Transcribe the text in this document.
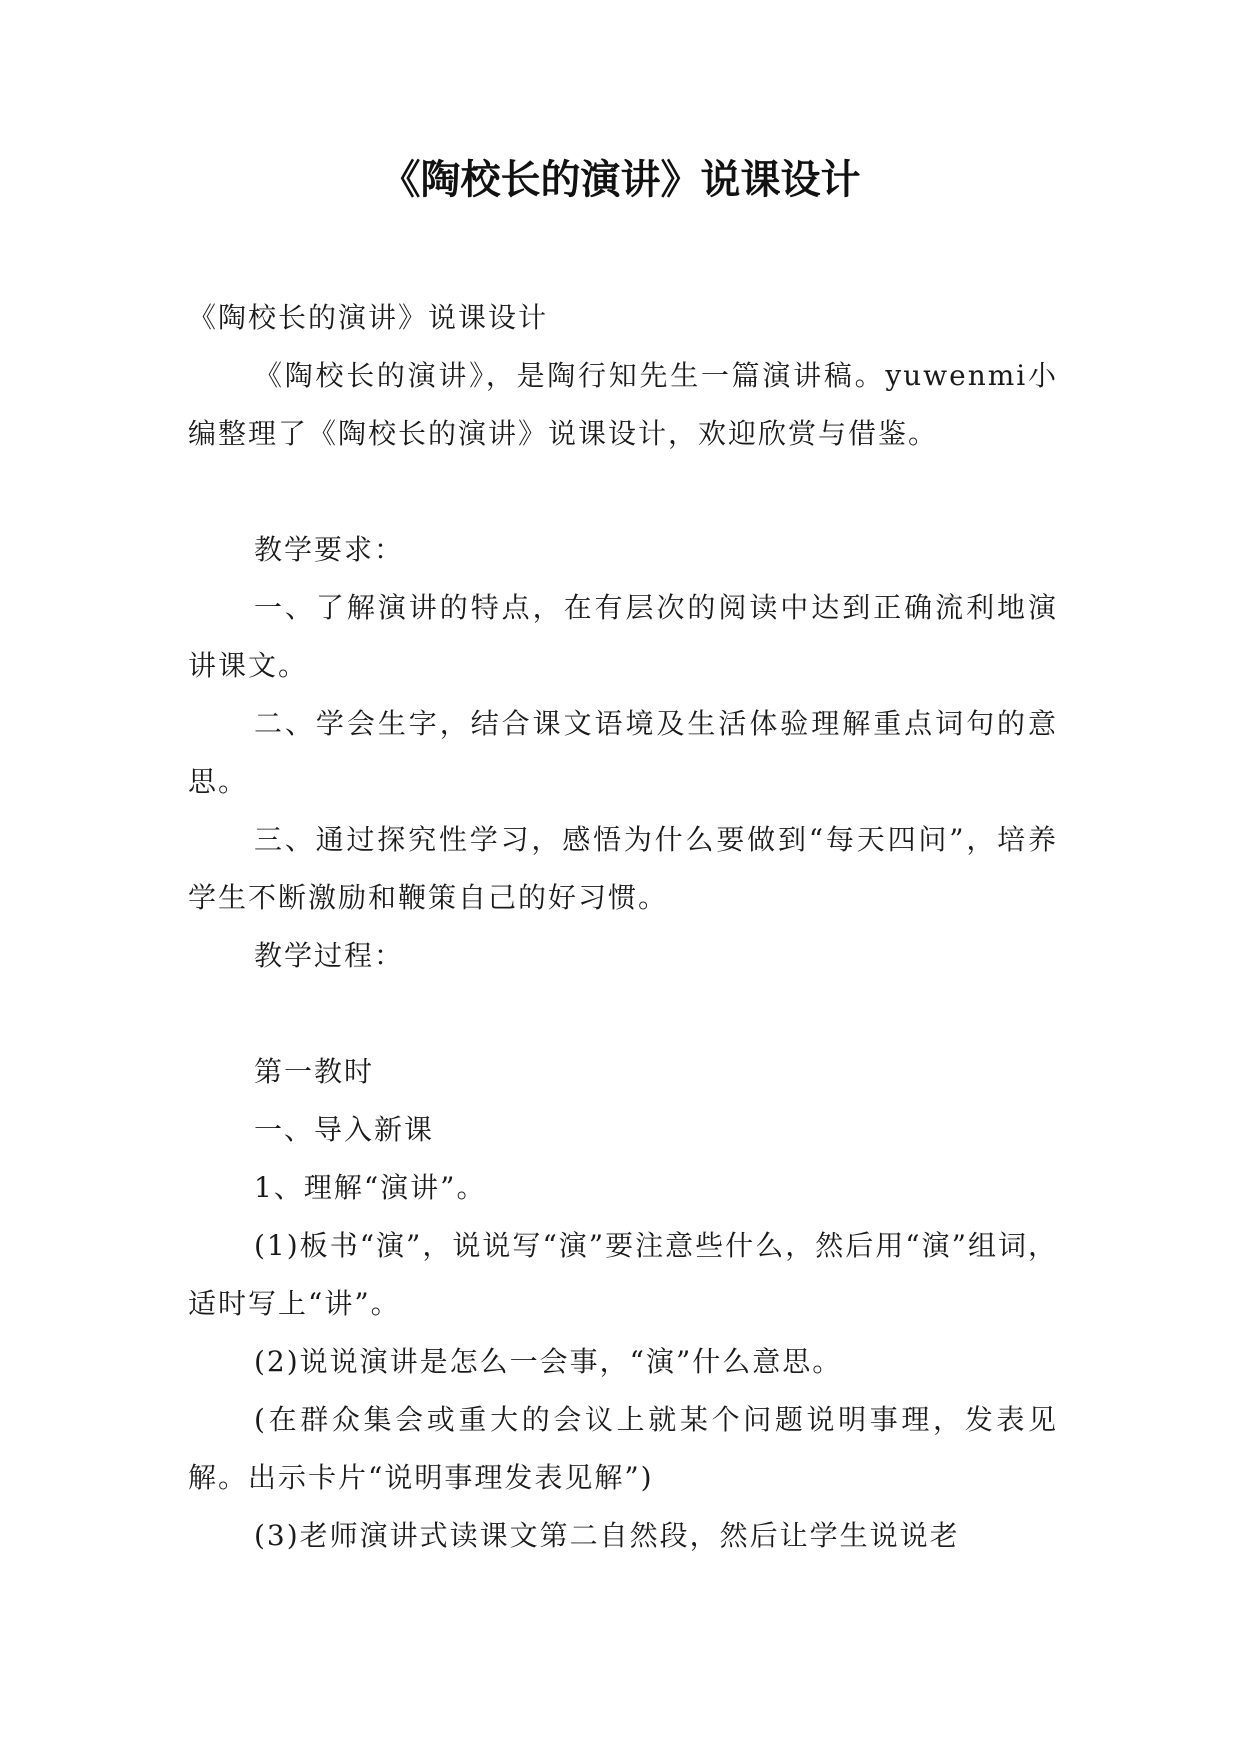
《陶校长的演讲》说课设计

《陶校长的演讲》说课设计

《陶校长的演讲》，是陶行知先生一篇演讲稿。yuwenmi小编整理了《陶校长的演讲》说课设计，欢迎欣赏与借鉴。

教学要求：

一、了解演讲的特点，在有层次的阅读中达到正确流利地演讲课文。

二、学会生字，结合课文语境及生活体验理解重点词句的意思。

三、通过探究性学习，感悟为什么要做到“每天四问”，培养学生不断激励和鞭策自己的好习惯。

教学过程：

第一教时

一、导入新课

1、理解“演讲”。

(1)板书“演”，说说写“演”要注意些什么，然后用“演”组词，适时写上“讲”。

(2)说说演讲是怎么一会事，“演”什么意思。

(在群众集会或重大的会议上就某个问题说明事理，发表见解。出示卡片“说明事理发表见解”)

(3)老师演讲式读课文第二自然段，然后让学生说说老
